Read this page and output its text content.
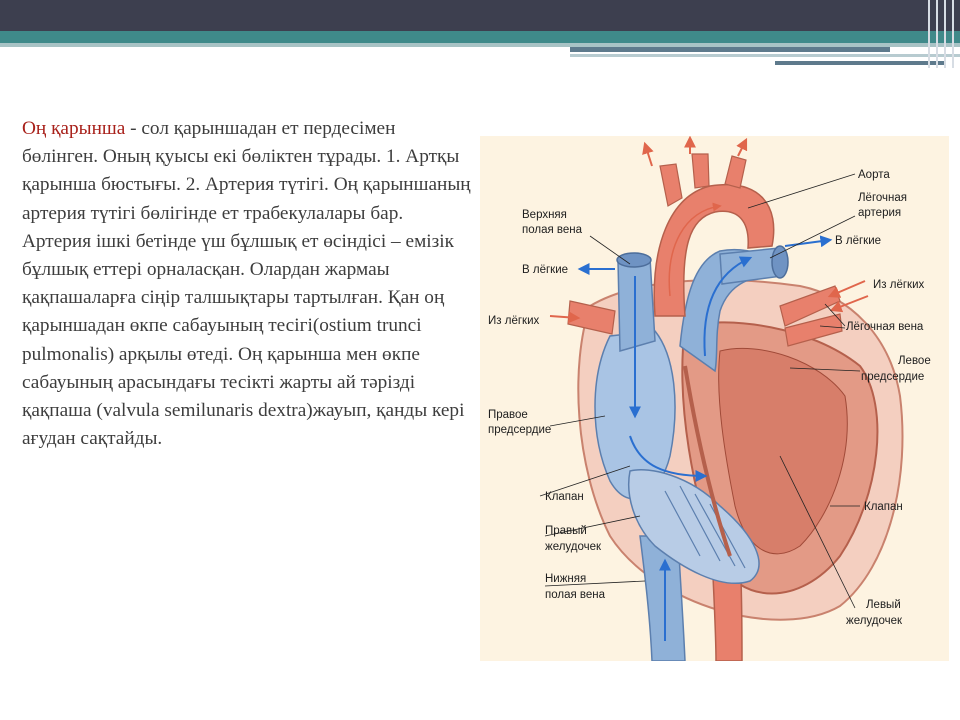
Оң қарынша - сол қарыншадан ет пердесімен бөлінген. Оның қуысы екі бөліктен тұрады. 1. Артқы қарынша бюстығы. 2. Артерия түтігі. Оң қарыншаның артерия түтігі бөлігінде ет трабекулалары бар. Артерия ішкі бетінде үш бұлшық ет өсіндісі – емізік бұлшық еттері орналасқан. Олардан жармаы қақпашаларға сіңір талшықтары тартылған. Қан оң қарыншадан өкпе сабауының тесігі(ostium trunci pulmonalis) арқылы өтеді. Оң қарынша мен өкпе сабауының арасындағы тесікті жарты ай тәрізді қақпаша (valvula semilunaris dextra)жауып, қанды кері ағудан сақтайды.

Аорта
Лёгочная
артерия
Верхняя
полая вена
В лёгкие
В лёгкие
Из лёгких
Из лёгких	Лёгочная вена
Левое
предсердие
Правое
предсердие
Клапан
Клапан
Правый
желудочек
Нижняя
полая вена
Левый
желудочек
